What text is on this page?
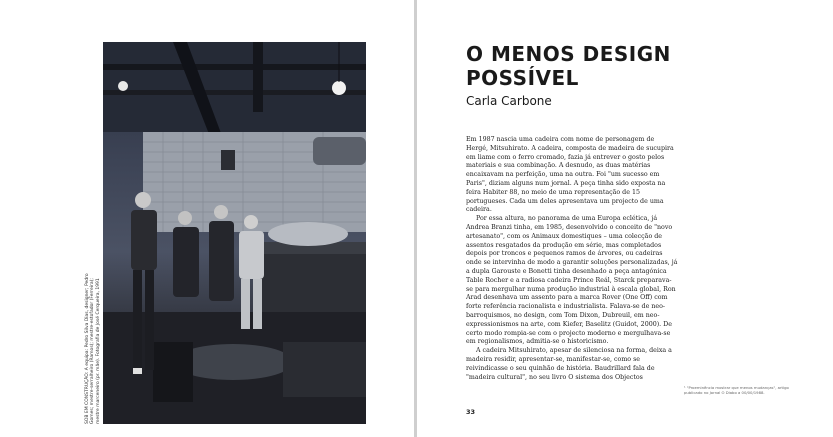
SOB EM CONSTRUÇÃO: A equipa: Pedro Silva Dias, designer; Pedro Gomes; mestre-serralheiro (Ramos); mestre-estofador (Ferreira); mestre marceneiro (pr. mãe). Fotografia de José Cerqueira, 1991
O MENOS DESIGN POSSÍVEL

Carla Carbone

Em 1987 nascia uma cadeira com nome de personagem de Hergé, Mitsuhirato. A cadeira, composta de madeira de sucupira em liame com o ferro cromado, fazia já entrever o gosto pelos materiais e sua combinação. A desnudo, as duas matérias encaixavam na perfeição, uma na outra. Foi "um sucesso em Paris", diziam alguns num jornal. A peça tinha sido exposta na feira Habiter 88, no meio de uma representação de 15 portugueses. Cada um deles apresentava um projecto de uma cadeira.

Por essa altura, no panorama de uma Europa eclética, já Andrea Branzi tinha, em 1985, desenvolvido o conceito de "novo artesanato", com os Animaux domestiques – uma colecção de assentos resgatados da produção em série, mas completados depois por troncos e pequenos ramos de árvores, ou cadeiras onde se intervinha de modo a garantir soluções personalizadas, já a dupla Garouste e Bonetti tinha desenhado a peça antagónica Table Rocher e a radiosa cadeira Prince Reál, Starck preparava-se para mergulhar numa produção industrial à escala global, Ron Arad desenhava um assento para a marca Rover (One Off) com forte referência racionalista e industrialista. Falava-se de neo-barroquismos, no design, com Tom Dixon, Dubreuil, em neo-expressionismos na arte, com Kiefer, Baselitz (Guidot, 2000). De certo modo rompia-se com o projecto moderno e mergulhava-se em regionalismos, admitia-se o historicismo.

A cadeira Mitsuhirato, apesar de silenciosa na forma, deixa a madeira residir, apresentar-se, manifestar-se, como se reivindicasse o seu quinhão de história. Baudrillard fala de "madeira cultural", no seu livro O sistema dos Objectos

¹ "Proeminência mostrar que menos mudanças", artigo publicado no Jornal O Diabo a 00/00/1988.
33
